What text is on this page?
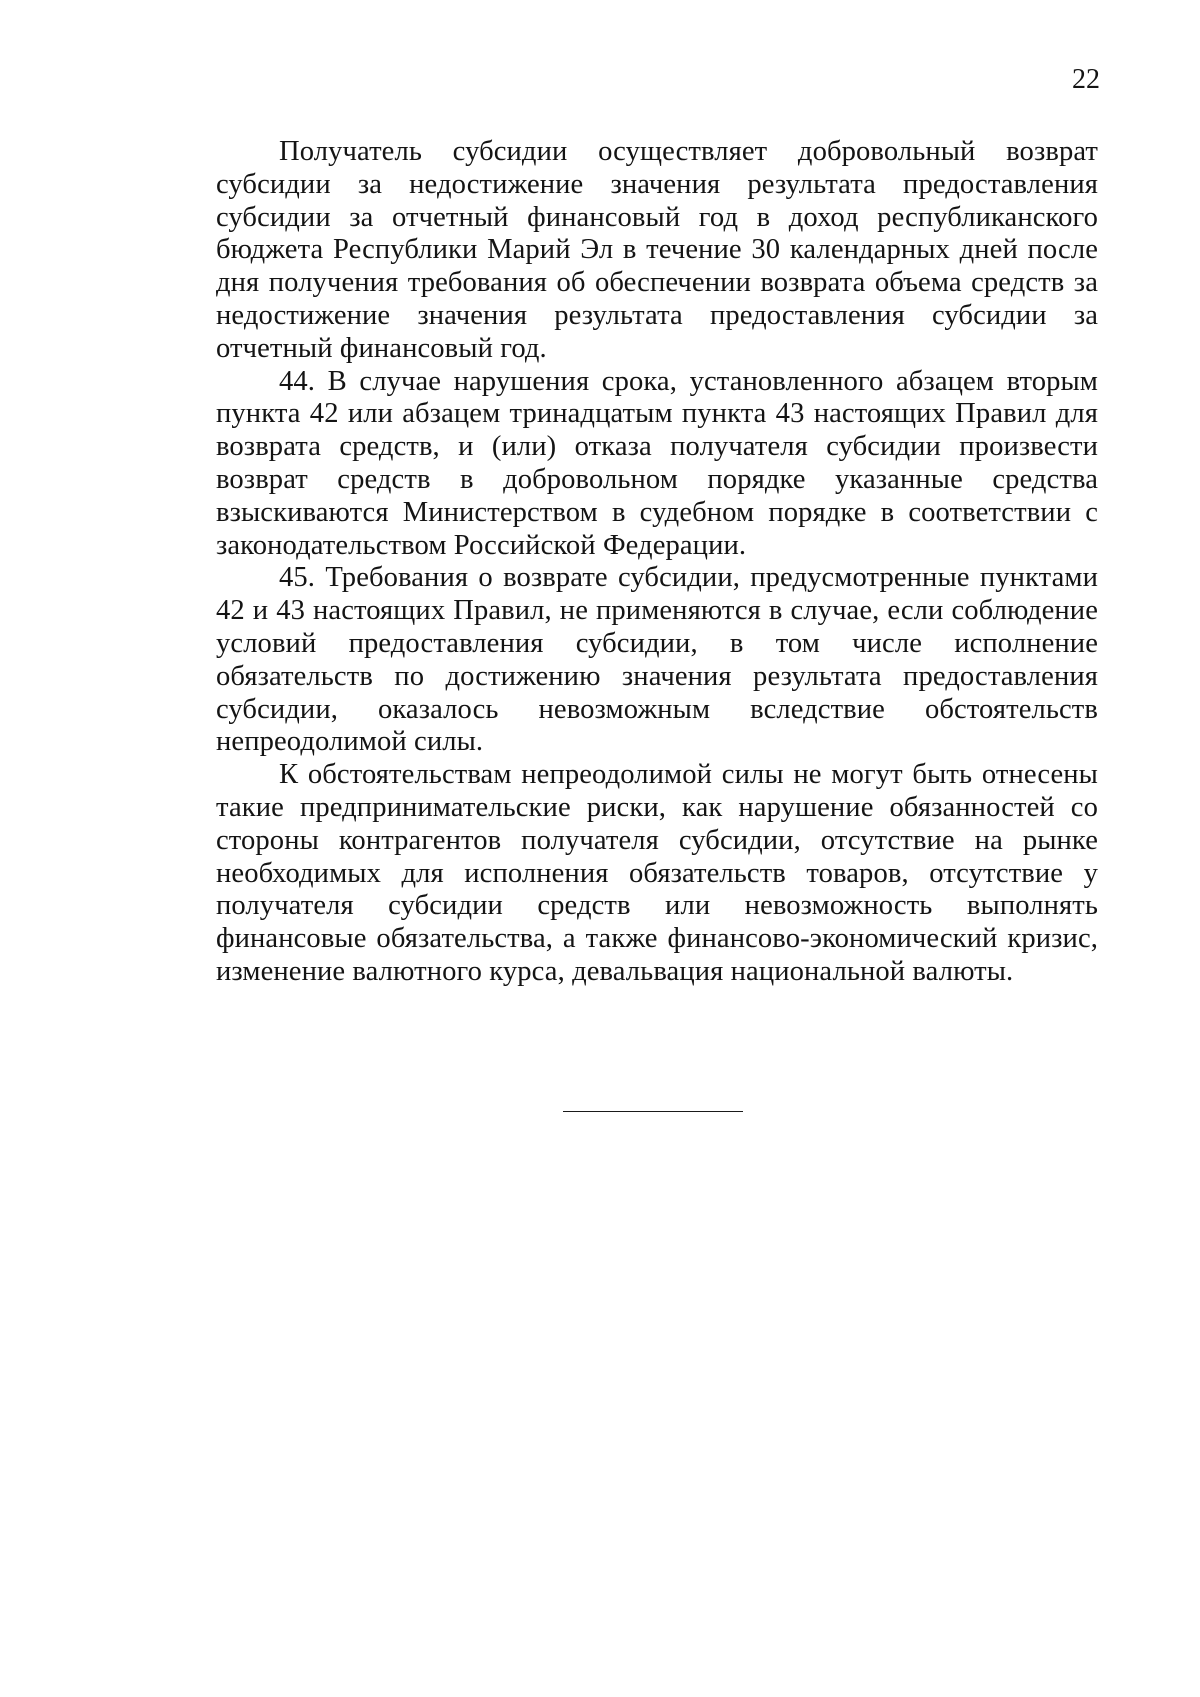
22

Получатель субсидии осуществляет добровольный возврат субсидии за недостижение значения результата предоставления субсидии за отчетный финансовый год в доход республиканского бюджета Республики Марий Эл в течение 30 календарных дней после дня получения требования об обеспечении возврата объема средств за недостижение значения результата предоставления субсидии за отчетный финансовый год.

44. В случае нарушения срока, установленного абзацем вторым пункта 42 или абзацем тринадцатым пункта 43 настоящих Правил для возврата средств, и (или) отказа получателя субсидии произвести возврат средств в добровольном порядке указанные средства взыскиваются Министерством в судебном порядке в соответствии с законодательством Российской Федерации.

45. Требования о возврате субсидии, предусмотренные пунктами 42 и 43 настоящих Правил, не применяются в случае, если соблюдение условий предоставления субсидии, в том числе исполнение обязательств по достижению значения результата предоставления субсидии, оказалось невозможным вследствие обстоятельств непреодолимой силы.

К обстоятельствам непреодолимой силы не могут быть отнесены такие предпринимательские риски, как нарушение обязанностей со стороны контрагентов получателя субсидии, отсутствие на рынке необходимых для исполнения обязательств товаров, отсутствие у получателя субсидии средств или невозможность выполнять финансовые обязательства, а также финансово-экономический кризис, изменение валютного курса, девальвация национальной валюты.
